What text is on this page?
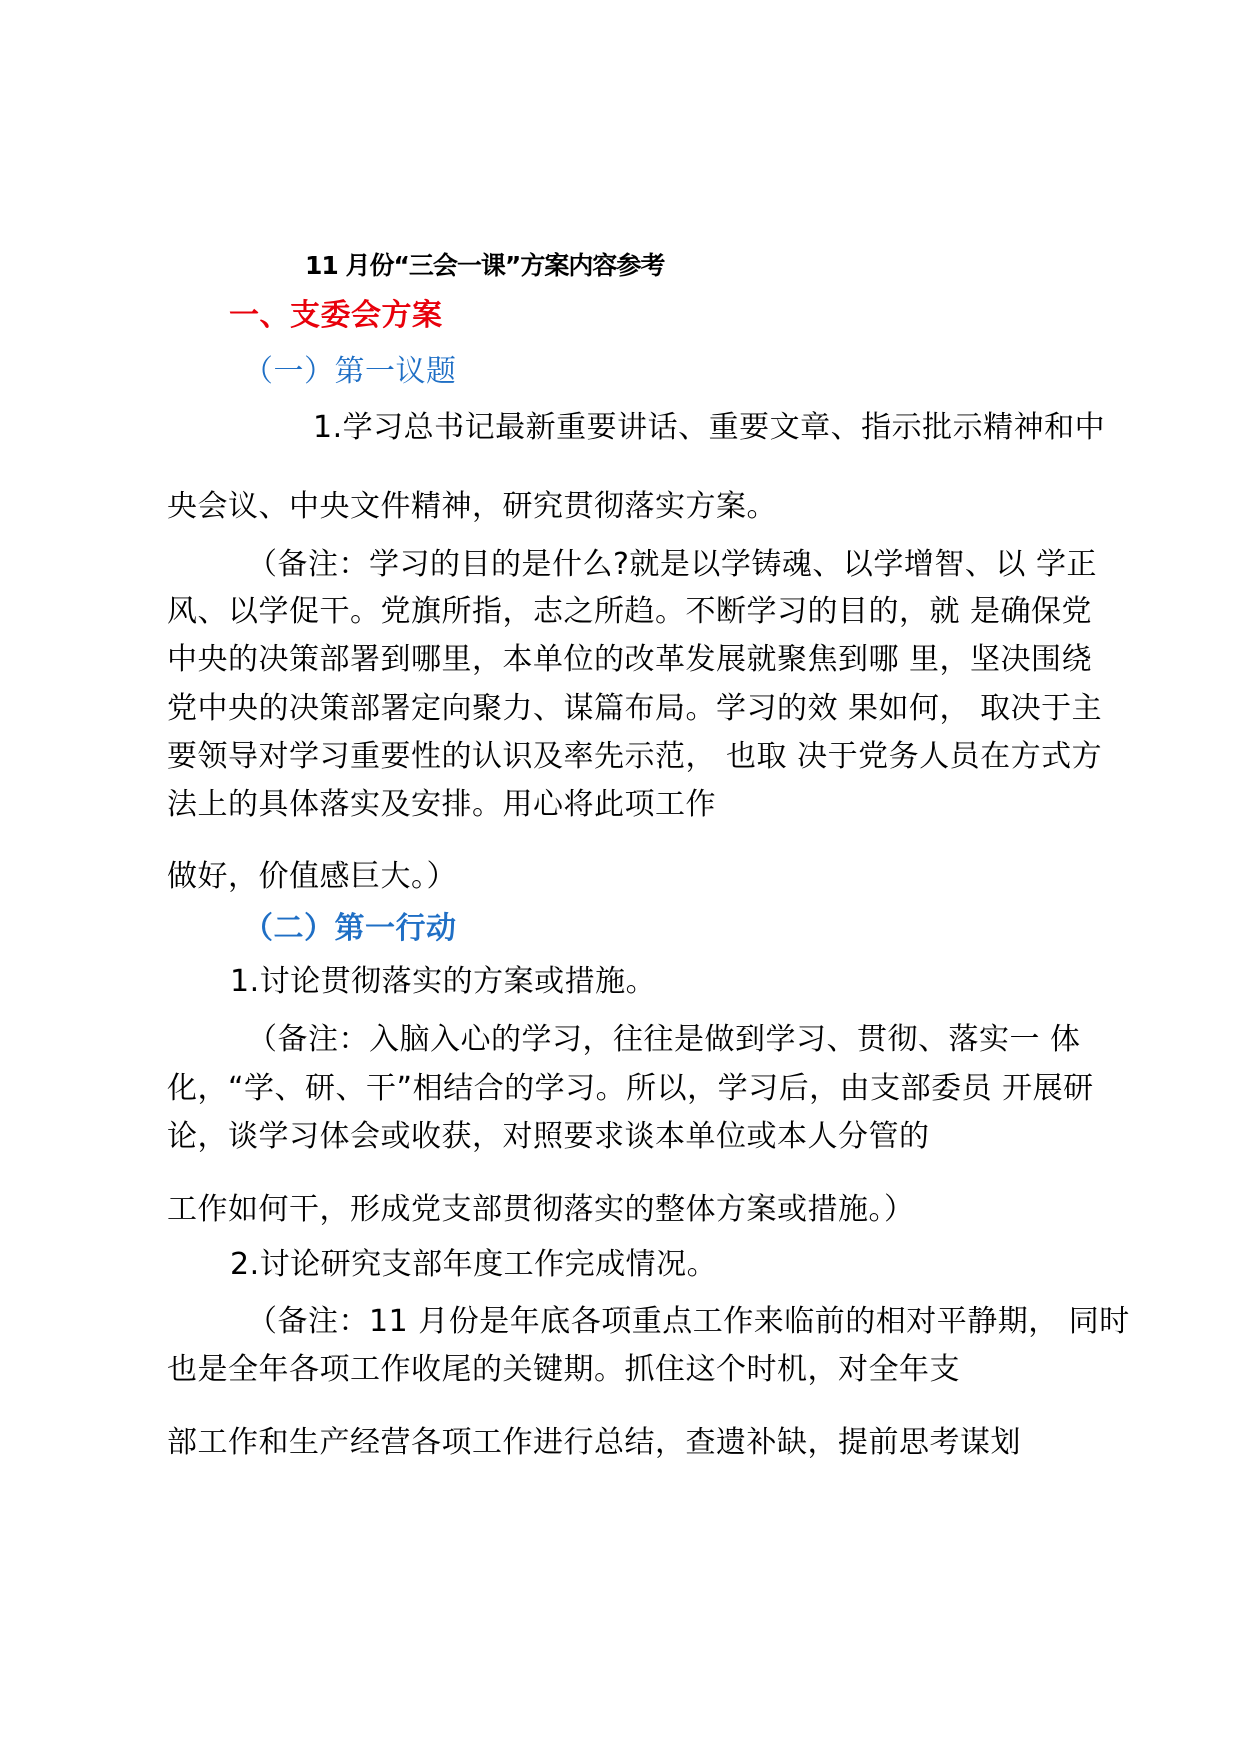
11 月份“三会一课”方案内容参考
一、支委会方案
（一）第一议题
1.学习总书记最新重要讲话、重要文章、指示批示精神和中
央会议、中央文件精神，研究贯彻落实方案。
（备注：学习的目的是什么?就是以学铸魂、以学增智、以 学正
风、以学促干。党旗所指，志之所趋。不断学习的目的，就 是确保党
中央的决策部署到哪里，本单位的改革发展就聚焦到哪 里，坚决围绕
党中央的决策部署定向聚力、谋篇布局。学习的效 果如何， 取决于主
要领导对学习重要性的认识及率先示范， 也取 决于党务人员在方式方
法上的具体落实及安排。用心将此项工作
做好，价值感巨大。）
（二）第一行动
1.讨论贯彻落实的方案或措施。
（备注：入脑入心的学习，往往是做到学习、贯彻、落实一 体
化，“学、研、干”相结合的学习。所以，学习后，由支部委员 开展研
论，谈学习体会或收获，对照要求谈本单位或本人分管的
工作如何干，形成党支部贯彻落实的整体方案或措施。）
2.讨论研究支部年度工作完成情况。
（备注：11 月份是年底各项重点工作来临前的相对平静期， 同时
也是全年各项工作收尾的关键期。抓住这个时机，对全年支
部工作和生产经营各项工作进行总结，查遗补缺，提前思考谋划
